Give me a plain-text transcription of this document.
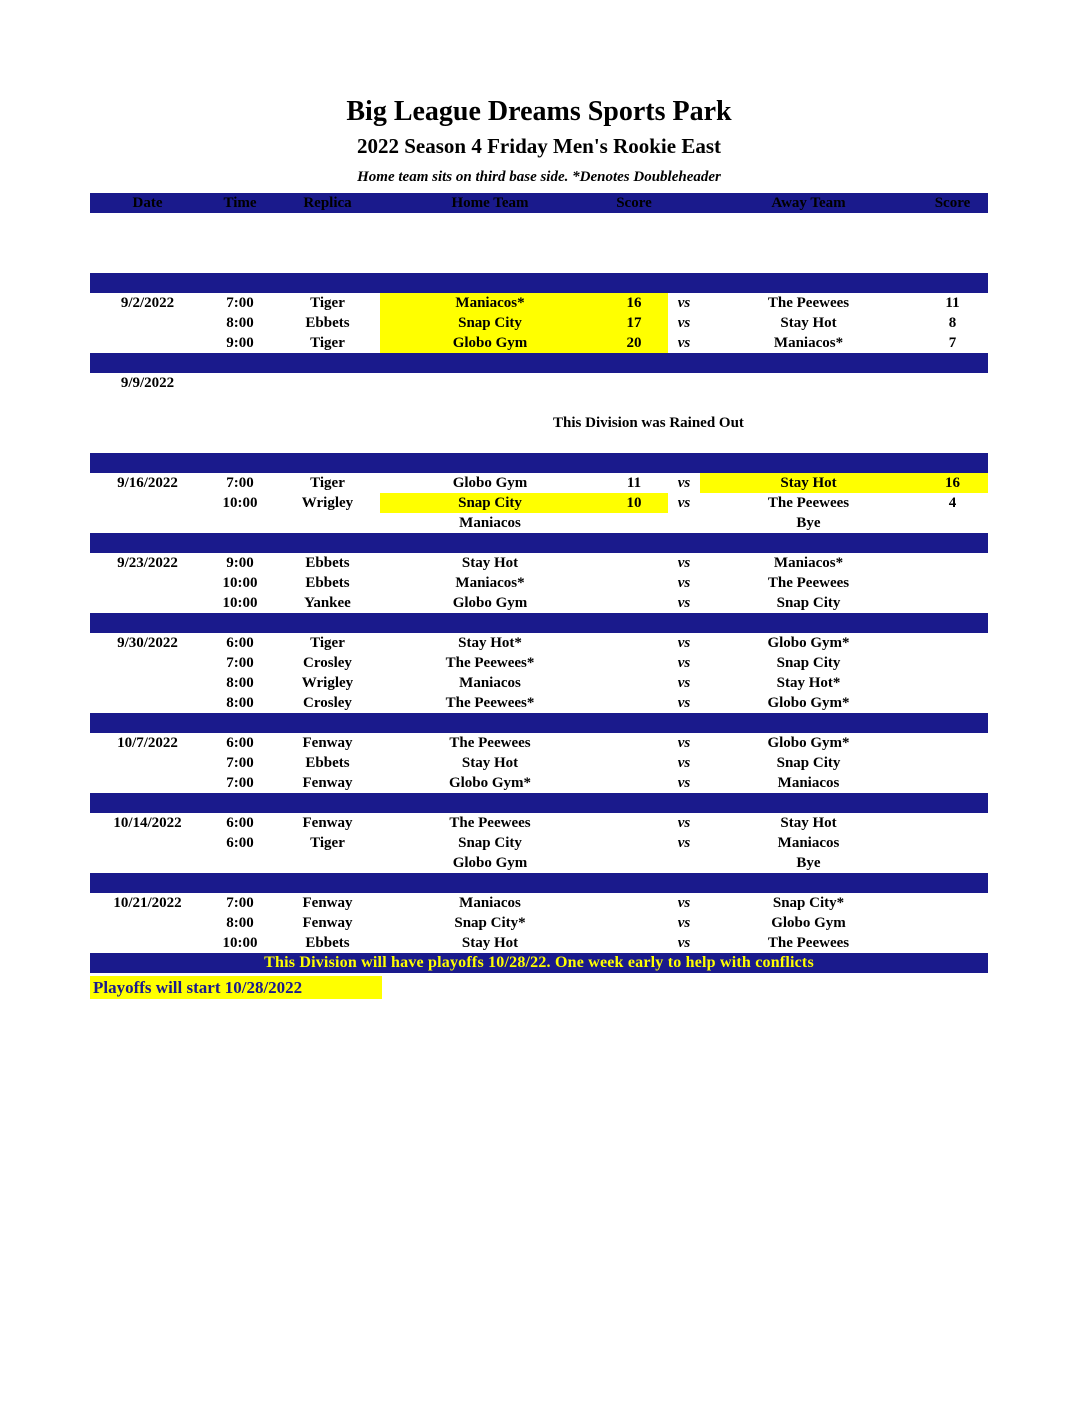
Big League Dreams Sports Park
2022 Season 4 Friday Men's Rookie East
Home team sits on third base side. *Denotes Doubleheader
Date	Time	Replica	Home Team	Score		Away Team	Score

9/2/2022	7:00	Tiger	Maniacos*	16	vs	The Peewees	11
	8:00	Ebbets	Snap City	17	vs	Stay Hot	8
	9:00	Tiger	Globo Gym	20	vs	Maniacos*	7

9/9/2022							
			This Division was Rained Out				

9/16/2022	7:00	Tiger	Globo Gym	11	vs	Stay Hot	16
	10:00	Wrigley	Snap City	10	vs	The Peewees	4
			Maniacos			Bye	

9/23/2022	9:00	Ebbets	Stay Hot		vs	Maniacos*	
	10:00	Ebbets	Maniacos*		vs	The Peewees	
	10:00	Yankee	Globo Gym		vs	Snap City	

9/30/2022	6:00	Tiger	Stay Hot*		vs	Globo Gym*	
	7:00	Crosley	The Peewees*		vs	Snap City	
	8:00	Wrigley	Maniacos		vs	Stay Hot*	
	8:00	Crosley	The Peewees*		vs	Globo Gym*	

10/7/2022	6:00	Fenway	The Peewees		vs	Globo Gym*	
	7:00	Ebbets	Stay Hot		vs	Snap City	
	7:00	Fenway	Globo Gym*		vs	Maniacos	

10/14/2022	6:00	Fenway	The Peewees		vs	Stay Hot	
	6:00	Tiger	Snap City		vs	Maniacos	
			Globo Gym			Bye	

10/21/2022	7:00	Fenway	Maniacos		vs	Snap City*	
	8:00	Fenway	Snap City*		vs	Globo Gym	
	10:00	Ebbets	Stay Hot		vs	The Peewees	
This Division will have playoffs 10/28/22. One week early to help with conflicts							
Playoffs will start 10/28/2022
